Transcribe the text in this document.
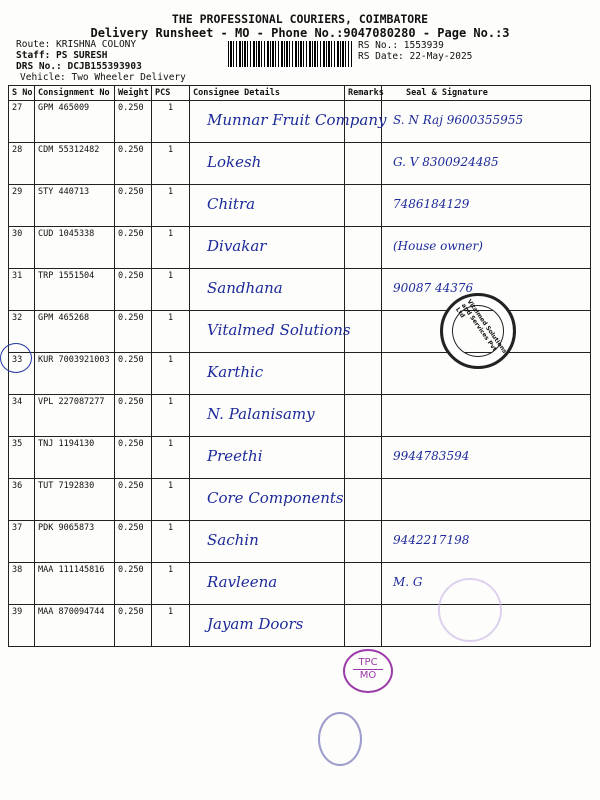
THE PROFESSIONAL COURIERS, COIMBATORE
Delivery Runsheet - MO - Phone No.:9047080280 - Page No.:3
Route: KRISHNA COLONY
Staff: PS SURESH
DRS No.: DCJB155393903
Vehicle: Two Wheeler Delivery
RS No.: 1553939
RS Date: 22-May-2025
S No	Consignment No	Weight	PCS	Consignee Details	Remarks	Seal & Signature
27	GPM 465009	0.250	1	Munnar Fruit Company		S. N Raj 9600355955

28	CDM 55312482	0.250	1	Lokesh		G. V 8300924485

29	STY 440713	0.250	1	Chitra		7486184129

30	CUD 1045338	0.250	1	Divakar		(House owner)

31	TRP 1551504	0.250	1	Sandhana		90087 44376

32	GPM 465268	0.250	1	Vitalmed Solutions		

33	KUR 7003921003	0.250	1	Karthic		

34	VPL 227087277	0.250	1	N. Palanisamy		

35	TNJ 1194130	0.250	1	Preethi		9944783594

36	TUT 7192830	0.250	1	Core Components		

37	PDK 9065873	0.250	1	Sachin		9442217198

38	MAA 111145816	0.250	1	Ravleena		M. G

39	MAA 870094744	0.250	1	Jayam Doors		

Vitalmed Solutions and Services Pvt Ltd
TPC
MO
